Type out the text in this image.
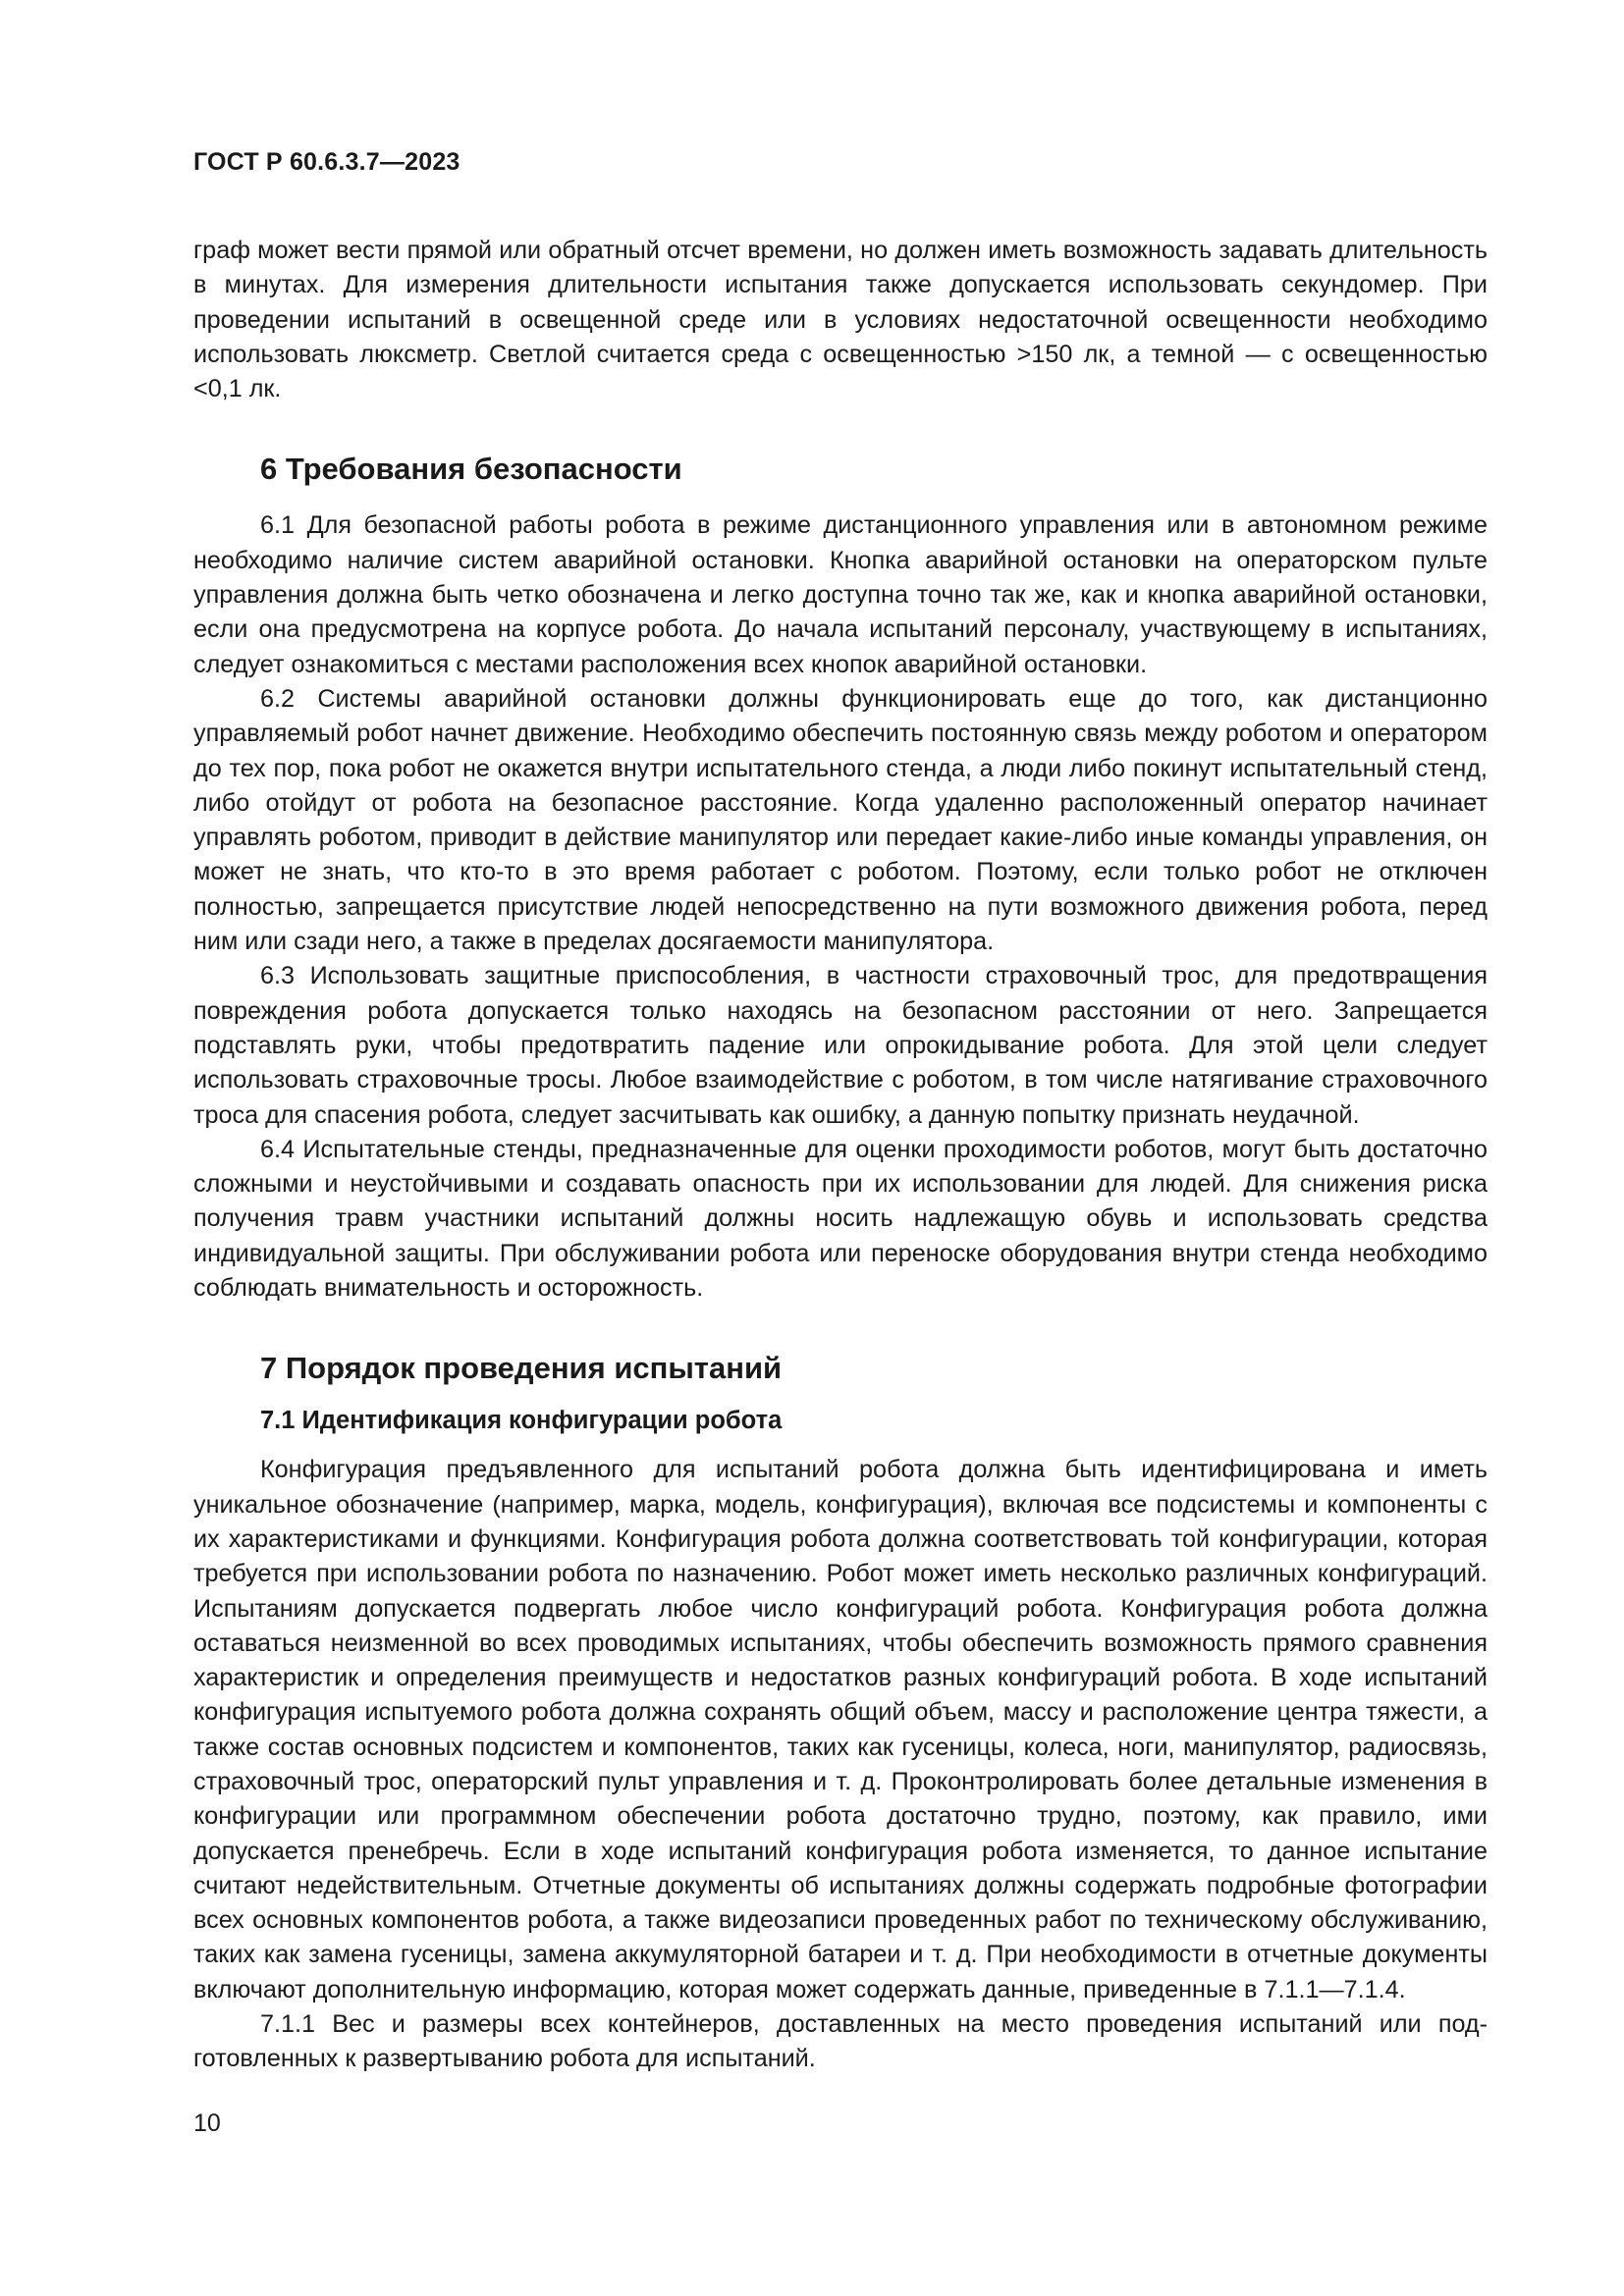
ГОСТ Р 60.6.3.7—2023

граф может вести прямой или обратный отсчет времени, но должен иметь возможность задавать длительность в минутах. Для измерения длительности испытания также допускается использовать секундомер. При проведении испытаний в освещенной среде или в условиях недостаточной освещенности необходимо использовать люксметр. Светлой считается среда с освещенностью >150 лк, а темной — с освещенностью <0,1 лк.

6 Требования безопасности

6.1 Для безопасной работы робота в режиме дистанционного управления или в автономном режиме необходимо наличие систем аварийной остановки. Кнопка аварийной остановки на операторском пульте управления должна быть четко обозначена и легко доступна точно так же, как и кнопка аварийной остановки, если она предусмотрена на корпусе робота. До начала испытаний персоналу, участвующему в испытаниях, следует ознакомиться с местами расположения всех кнопок аварийной остановки.

6.2 Системы аварийной остановки должны функционировать еще до того, как дистанционно управляемый робот начнет движение. Необходимо обеспечить постоянную связь между роботом и оператором до тех пор, пока робот не окажется внутри испытательного стенда, а люди либо покинут испытательный стенд, либо отойдут от робота на безопасное расстояние. Когда удаленно расположенный оператор начинает управлять роботом, приводит в действие манипулятор или передает какие-либо иные команды управления, он может не знать, что кто-то в это время работает с роботом. Поэтому, если только робот не отключен полностью, запрещается присутствие людей непосредственно на пути возможного движения робота, перед ним или сзади него, а также в пределах досягаемости манипулятора.

6.3 Использовать защитные приспособления, в частности страховочный трос, для предотвращения повреждения робота допускается только находясь на безопасном расстоянии от него. Запрещается подставлять руки, чтобы предотвратить падение или опрокидывание робота. Для этой цели следует использовать страховочные тросы. Любое взаимодействие с роботом, в том числе натягивание страховочного троса для спасения робота, следует засчитывать как ошибку, а данную попытку признать неудачной.

6.4 Испытательные стенды, предназначенные для оценки проходимости роботов, могут быть достаточно сложными и неустойчивыми и создавать опасность при их использовании для людей. Для снижения риска получения травм участники испытаний должны носить надлежащую обувь и использовать средства индивидуальной защиты. При обслуживании робота или переноске оборудования внутри стенда необходимо соблюдать внимательность и осторожность.

7 Порядок проведения испытаний
7.1 Идентификация конфигурации робота

Конфигурация предъявленного для испытаний робота должна быть идентифицирована и иметь уникальное обозначение (например, марка, модель, конфигурация), включая все подсистемы и компоненты с их характеристиками и функциями. Конфигурация робота должна соответствовать той конфигурации, которая требуется при использовании робота по назначению. Робот может иметь несколько различных конфигураций. Испытаниям допускается подвергать любое число конфигураций робота. Конфигурация робота должна оставаться неизменной во всех проводимых испытаниях, чтобы обеспечить возможность прямого сравнения характеристик и определения преимуществ и недостатков разных конфигураций робота. В ходе испытаний конфигурация испытуемого робота должна сохранять общий объем, массу и расположение центра тяжести, а также состав основных подсистем и компонентов, таких как гусеницы, колеса, ноги, манипулятор, радиосвязь, страховочный трос, операторский пульт управления и т. д. Проконтролировать более детальные изменения в конфигурации или программном обеспечении робота достаточно трудно, поэтому, как правило, ими допускается пренебречь. Если в ходе испытаний конфигурация робота изменяется, то данное испытание считают недействительным. Отчетные документы об испытаниях должны содержать подробные фотографии всех основных компонентов робота, а также видеозаписи проведенных работ по техническому обслуживанию, таких как замена гусеницы, замена аккумуляторной батареи и т. д. При необходимости в отчетные документы включают дополнительную информацию, которая может содержать данные, приведенные в 7.1.1—7.1.4.

7.1.1 Вес и размеры всех контейнеров, доставленных на место проведения испытаний или подготовленных к развертыванию робота для испытаний.

10
